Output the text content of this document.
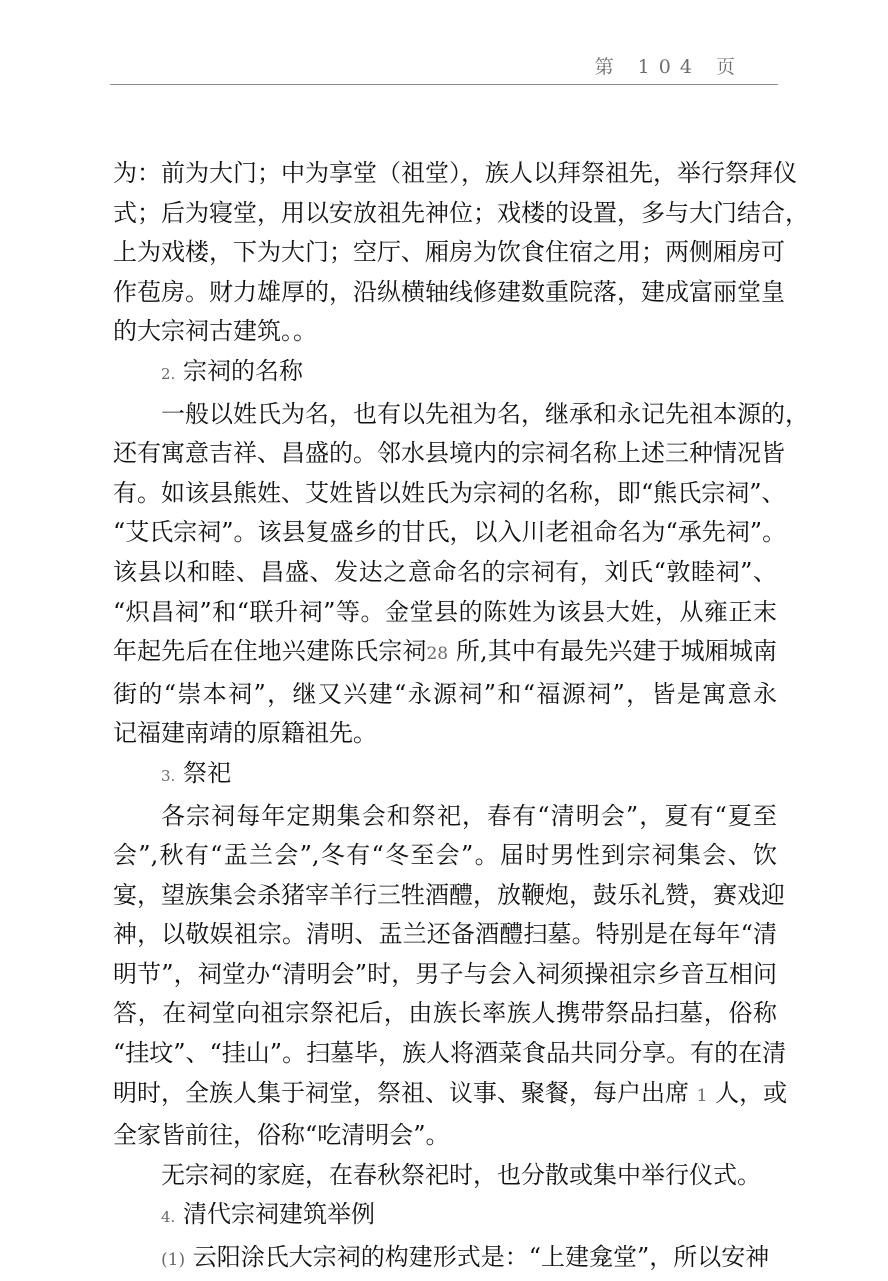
第 104 页
为：前为大门；中为享堂（祖堂），族人以拜祭祖先，举行祭拜仪
式；后为寝堂，用以安放祖先神位；戏楼的设置，多与大门结合，
上为戏楼，下为大门；空厅、厢房为饮食住宿之用；两侧厢房可
作苞房。财力雄厚的，沿纵横轴线修建数重院落，建成富丽堂皇
的大宗祠古建筑。。
2. 宗祠的名称
一般以姓氏为名，也有以先祖为名，继承和永记先祖本源的，
还有寓意吉祥、昌盛的。邻水县境内的宗祠名称上述三种情况皆
有。如该县熊姓、艾姓皆以姓氏为宗祠的名称，即“熊氏宗祠”、
“艾氏宗祠”。该县复盛乡的甘氏，以入川老祖命名为“承先祠”。
该县以和睦、昌盛、发达之意命名的宗祠有，刘氏“敦睦祠”、
“炽昌祠”和“联升祠”等。金堂县的陈姓为该县大姓，从雍正末
年起先后在住地兴建陈氏宗祠28 所,其中有最先兴建于城厢城南
街的“崇本祠”，继又兴建“永源祠”和“福源祠”，皆是寓意永
记福建南靖的原籍祖先。
3. 祭祀
各宗祠每年定期集会和祭祀，春有“清明会”，夏有“夏至
会”,秋有“盂兰会”,冬有“冬至会”。届时男性到宗祠集会、饮
宴，望族集会杀猪宰羊行三牲酒醴，放鞭炮，鼓乐礼赞，赛戏迎
神，以敬娱祖宗。清明、盂兰还备酒醴扫墓。特别是在每年“清
明节”，祠堂办“清明会”时，男子与会入祠须操祖宗乡音互相问
答，在祠堂向祖宗祭祀后，由族长率族人携带祭品扫墓，俗称
“挂坟”、“挂山”。扫墓毕，族人将酒菜食品共同分享。有的在清
明时，全族人集于祠堂，祭祖、议事、聚餐，每户出席 1 人，或
全家皆前往，俗称“吃清明会”。
无宗祠的家庭，在春秋祭祀时，也分散或集中举行仪式。
4. 清代宗祠建筑举例
(1) 云阳涂氏大宗祠的构建形式是：“上建龛堂”，所以安神
